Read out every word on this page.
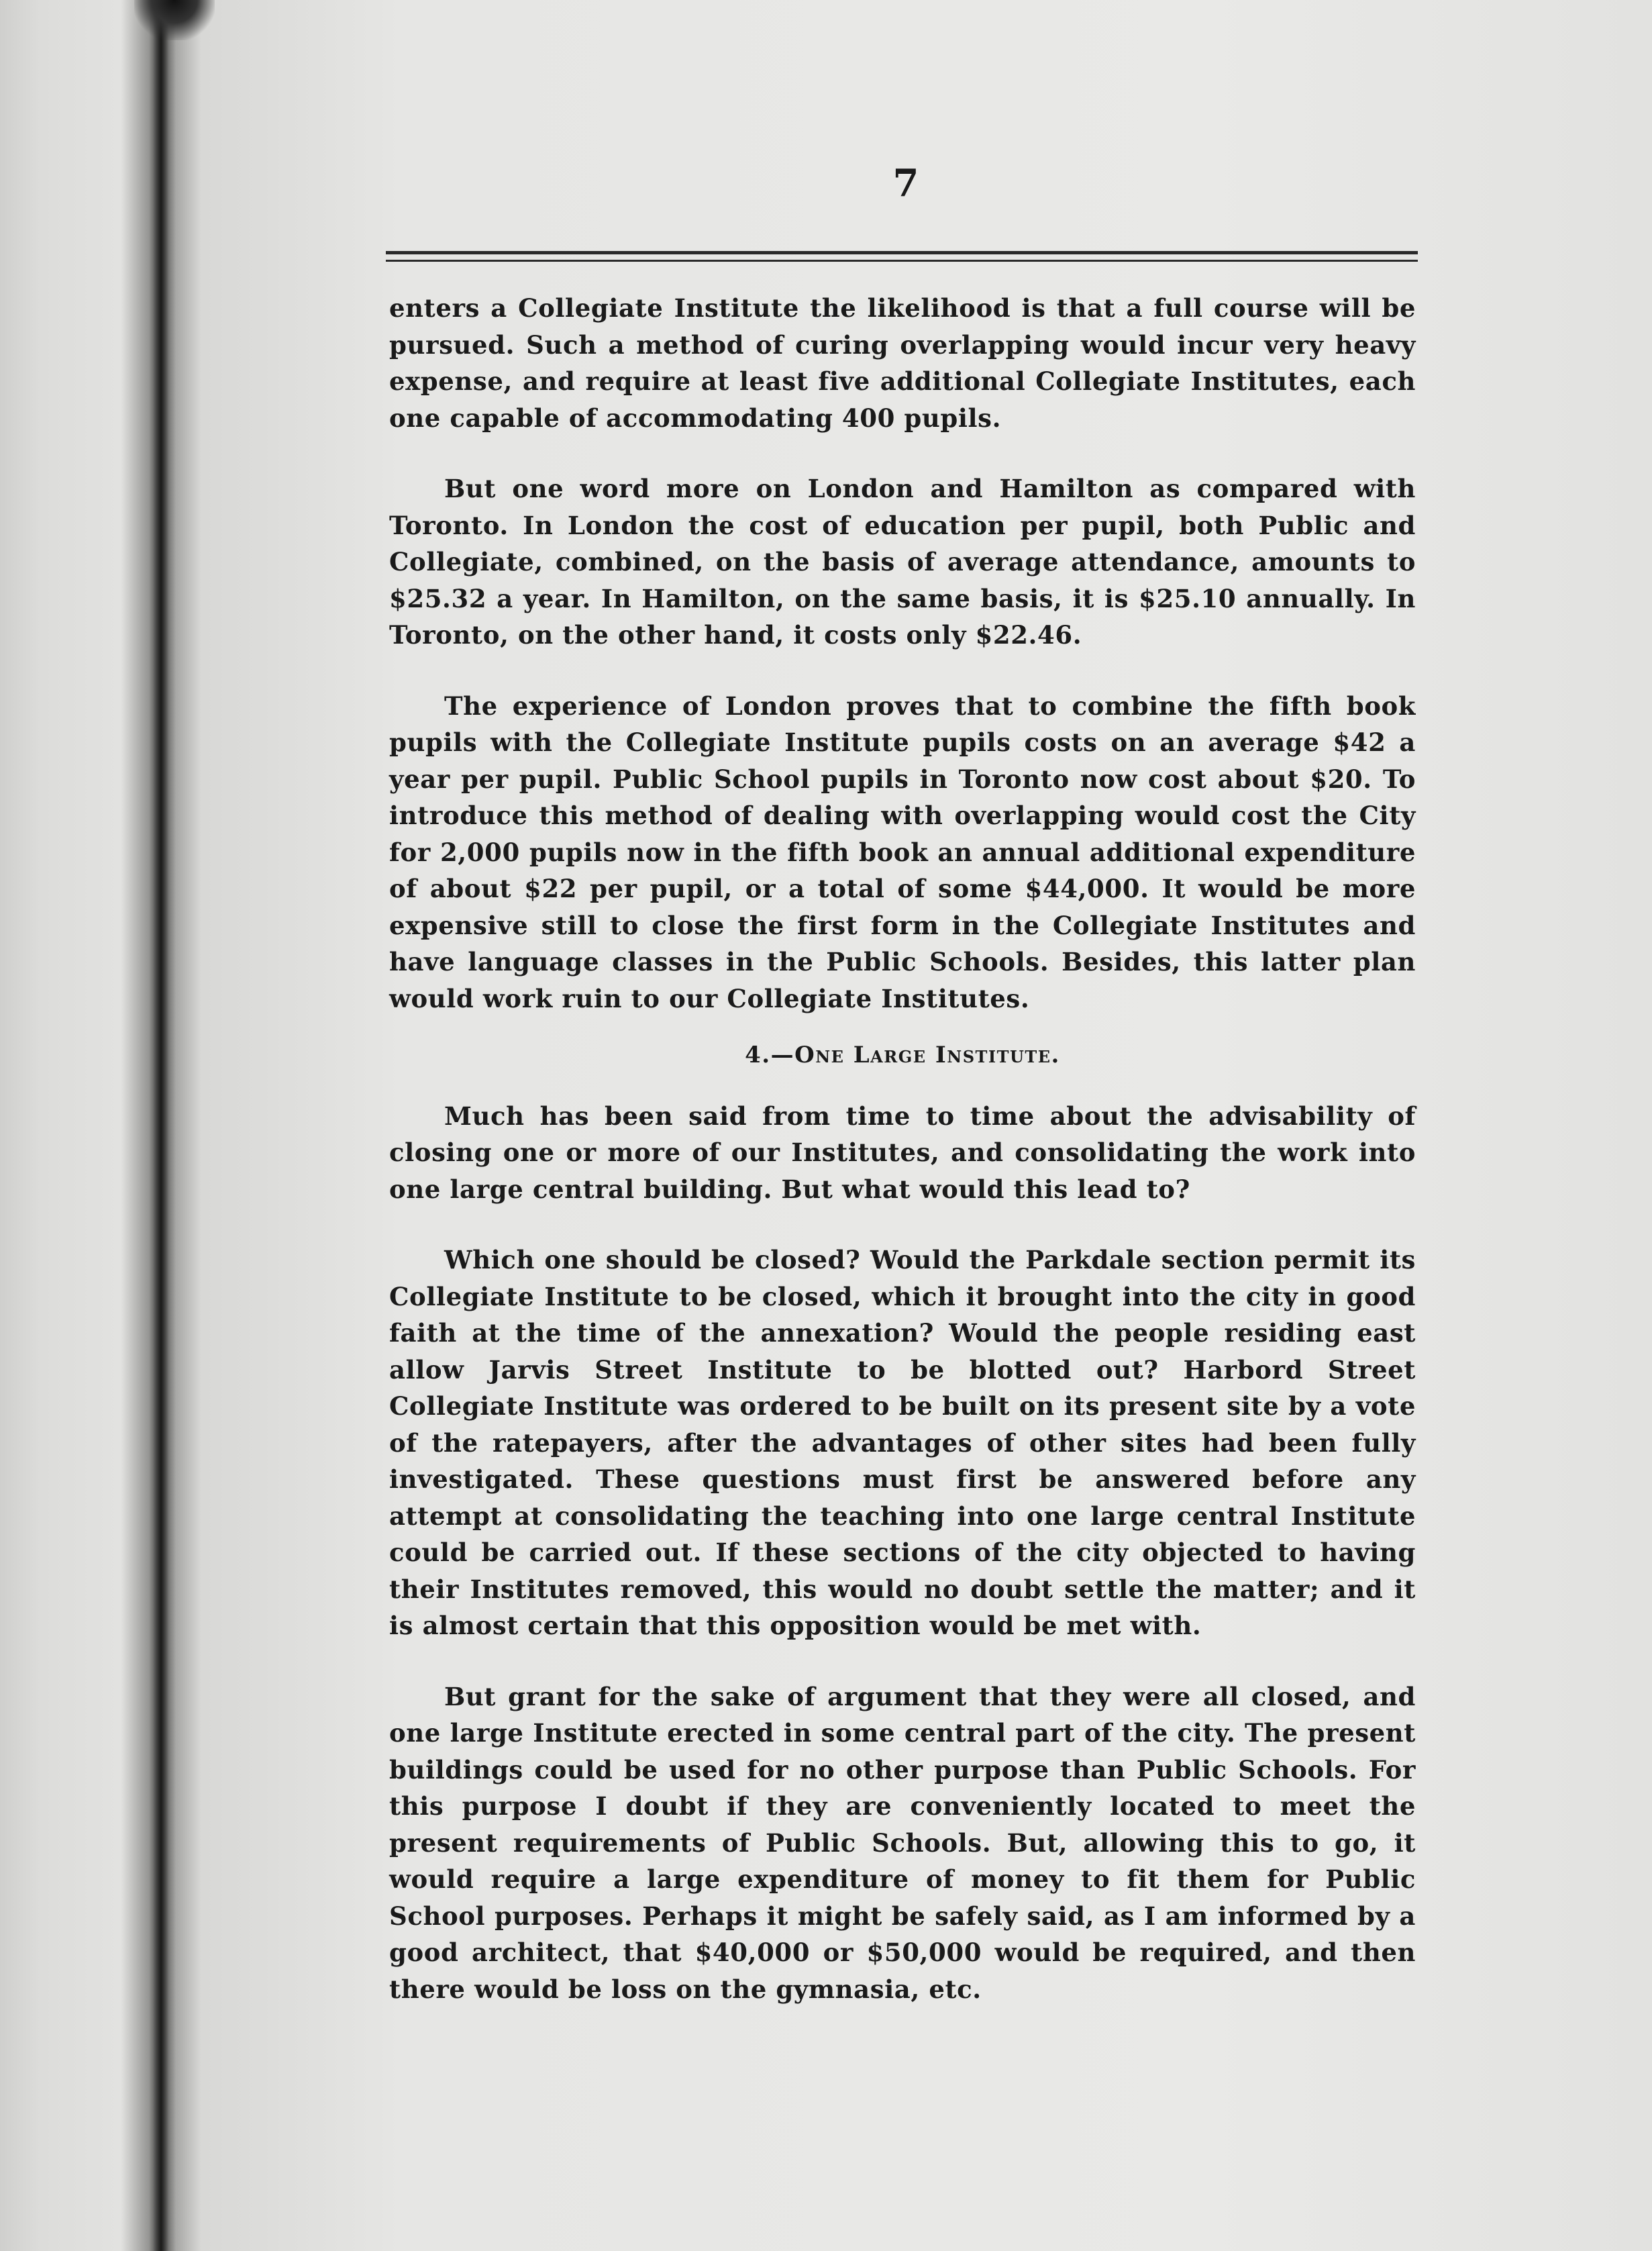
7

enters a Collegiate Institute the likelihood is that a full course will be pursued. Such a method of curing overlapping would incur very heavy expense, and require at least five additional Collegiate Institutes, each one capable of accommodating 400 pupils.

But one word more on London and Hamilton as compared with Toronto. In London the cost of education per pupil, both Public and Collegiate, combined, on the basis of average attendance, amounts to $25.32 a year. In Hamilton, on the same basis, it is $25.10 annually. In Toronto, on the other hand, it costs only $22.46.

The experience of London proves that to combine the fifth book pupils with the Collegiate Institute pupils costs on an average $42 a year per pupil. Public School pupils in Toronto now cost about $20. To introduce this method of dealing with overlapping would cost the City for 2,000 pupils now in the fifth book an annual additional expenditure of about $22 per pupil, or a total of some $44,000. It would be more expensive still to close the first form in the Collegiate Institutes and have language classes in the Public Schools. Besides, this latter plan would work ruin to our Collegiate Institutes.

4.—One Large Institute.

Much has been said from time to time about the advisability of closing one or more of our Institutes, and consolidating the work into one large central building. But what would this lead to?

Which one should be closed? Would the Parkdale section permit its Collegiate Institute to be closed, which it brought into the city in good faith at the time of the annexation? Would the people residing east allow Jarvis Street Institute to be blotted out? Harbord Street Collegiate Institute was ordered to be built on its present site by a vote of the ratepayers, after the advantages of other sites had been fully investigated. These questions must first be answered before any attempt at consolidating the teaching into one large central Institute could be carried out. If these sections of the city objected to having their Institutes removed, this would no doubt settle the matter; and it is almost certain that this opposition would be met with.

But grant for the sake of argument that they were all closed, and one large Institute erected in some central part of the city. The present buildings could be used for no other purpose than Public Schools. For this purpose I doubt if they are conveniently located to meet the present requirements of Public Schools. But, allowing this to go, it would require a large expenditure of money to fit them for Public School purposes. Perhaps it might be safely said, as I am informed by a good architect, that $40,000 or $50,000 would be required, and then there would be loss on the gymnasia, etc.
